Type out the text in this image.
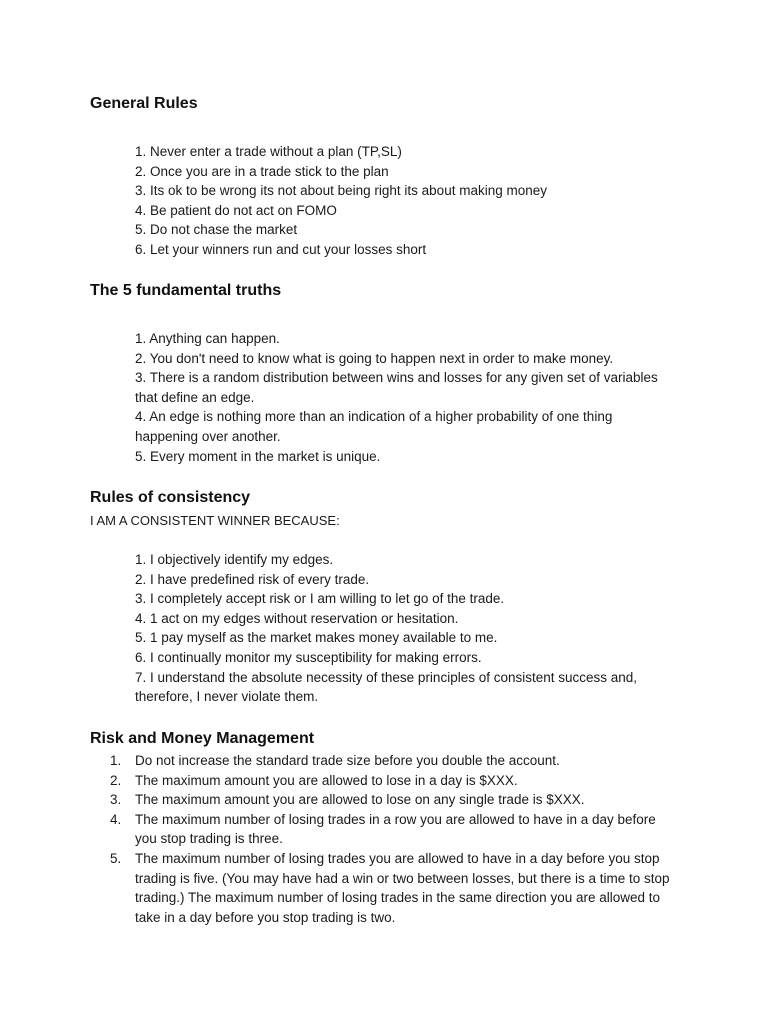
General Rules
1. Never enter a trade without a plan (TP,SL)
2. Once you are in a trade stick to the plan
3. Its ok to be wrong its not about being right its about making money
4. Be patient do not act on FOMO
5. Do not chase the market
6. Let your winners run and cut your losses short
The 5 fundamental truths
1. Anything can happen.
2. You don't need to know what is going to happen next in order to make money.
3. There is a random distribution between wins and losses for any given set of variables that define an edge.
4. An edge is nothing more than an indication of a higher probability of one thing happening over another.
5. Every moment in the market is unique.
Rules of consistency

I AM A CONSISTENT WINNER BECAUSE:

1. I objectively identify my edges.
2. I have predefined risk of every trade.
3. I completely accept risk or I am willing to let go of the trade.
4. 1 act on my edges without reservation or hesitation.
5. 1 pay myself as the market makes money available to me.
6. I continually monitor my susceptibility for making errors.
7. I understand the absolute necessity of these principles of consistent success and, therefore, I never violate them.
Risk and Money Management
1.	Do not increase the standard trade size before you double the account.
2.	The maximum amount you are allowed to lose in a day is $XXX.
3.	The maximum amount you are allowed to lose on any single trade is $XXX.
4.	The maximum number of losing trades in a row you are allowed to have in a day before you stop trading is three.
5.	The maximum number of losing trades you are allowed to have in a day before you stop trading is five. (You may have had a win or two between losses, but there is a time to stop trading.) The maximum number of losing trades in the same direction you are allowed to take in a day before you stop trading is two.
